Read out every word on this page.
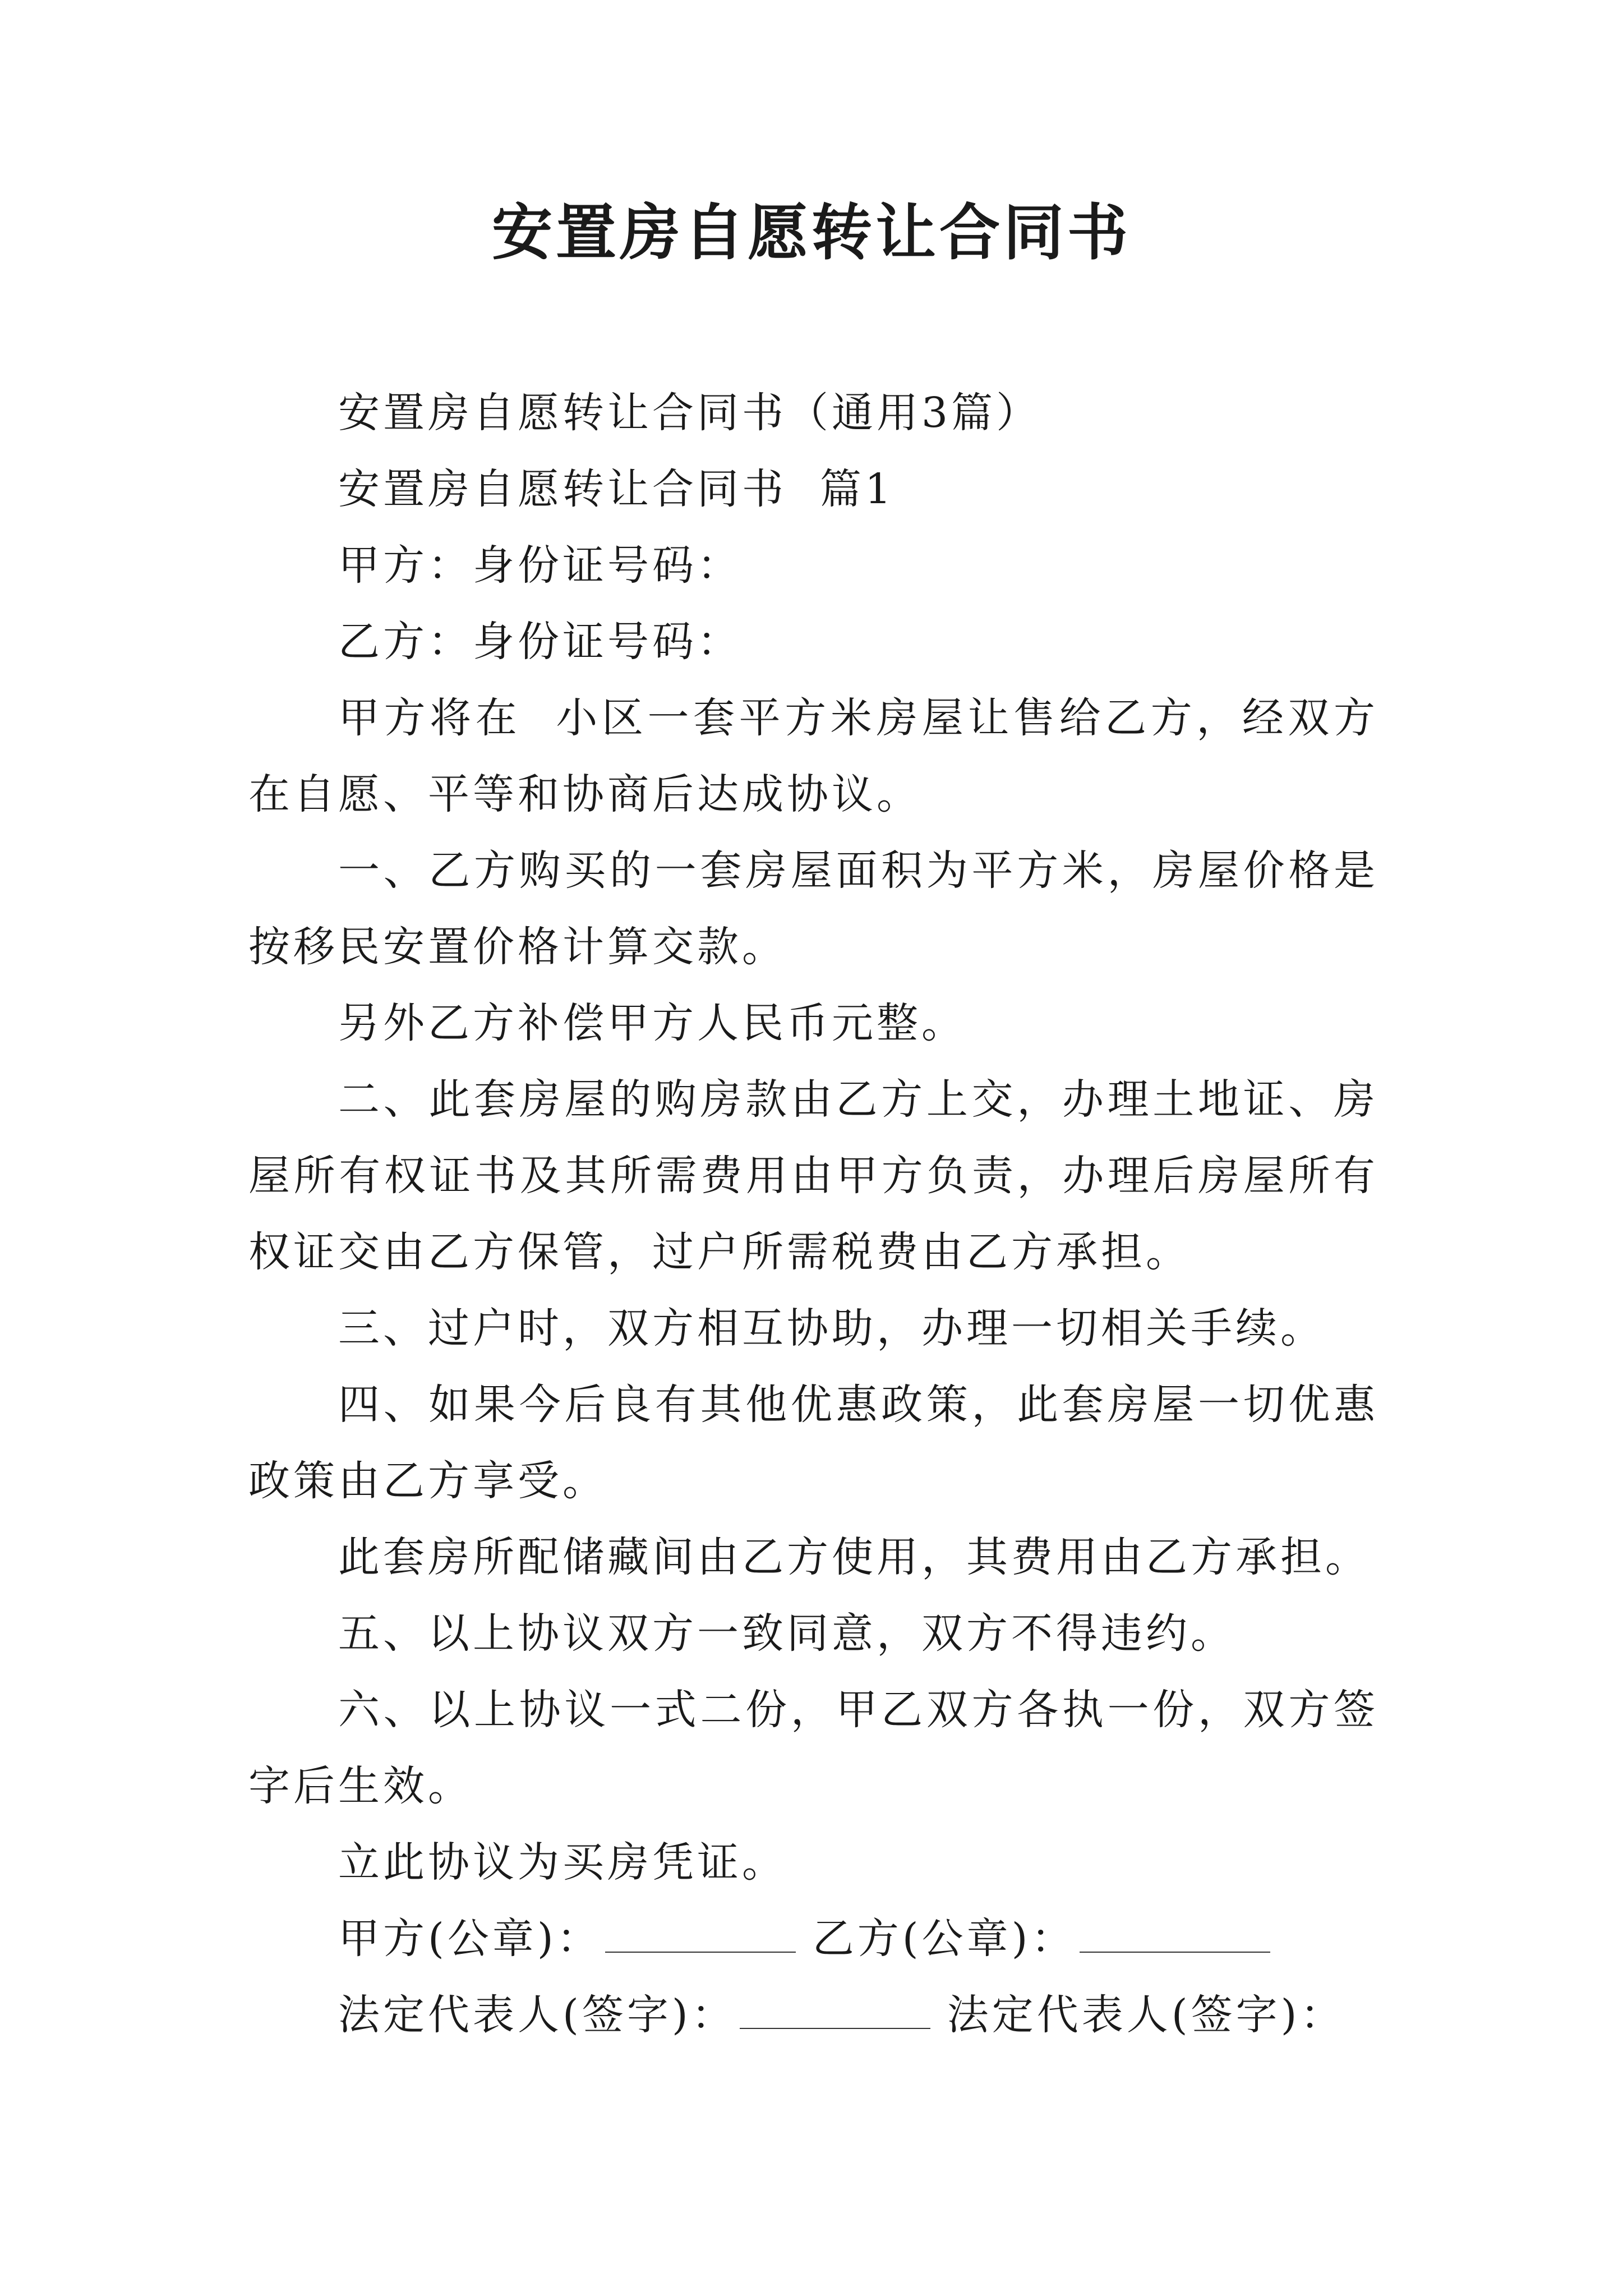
安置房自愿转让合同书

安置房自愿转让合同书（通用3篇）

安置房自愿转让合同书  篇1

甲方：身份证号码：

乙方：身份证号码：

甲方将在  小区一套平方米房屋让售给乙方，经双方在自愿、平等和协商后达成协议。

一、乙方购买的一套房屋面积为平方米，房屋价格是按移民安置价格计算交款。

另外乙方补偿甲方人民币元整。

二、此套房屋的购房款由乙方上交，办理土地证、房屋所有权证书及其所需费用由甲方负责，办理后房屋所有权证交由乙方保管，过户所需税费由乙方承担。

三、过户时，双方相互协助，办理一切相关手续。

四、如果今后良有其他优惠政策，此套房屋一切优惠政策由乙方享受。

此套房所配储藏间由乙方使用，其费用由乙方承担。

五、以上协议双方一致同意，双方不得违约。

六、以上协议一式二份，甲乙双方各执一份，双方签字后生效。

立此协议为买房凭证。

甲方(公章)：	乙方(公章)：

法定代表人(签字)：	法定代表人(签字)：
